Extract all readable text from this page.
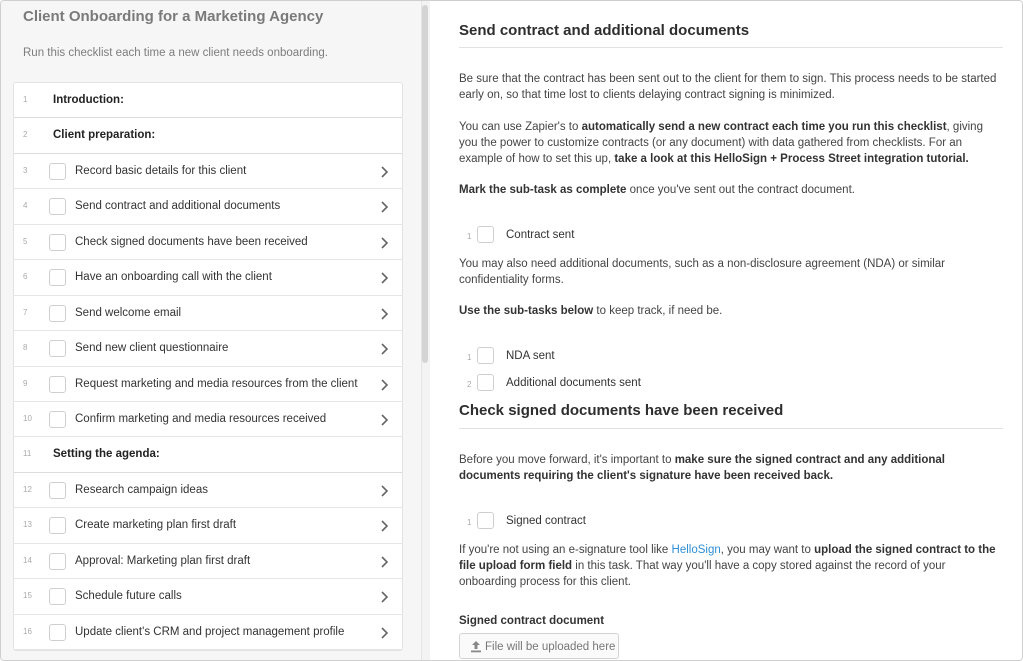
Client Onboarding for a Marketing Agency
Run this checklist each time a new client needs onboarding.
1	Introduction:
2	Client preparation:
3	Record basic details for this client
4	Send contract and additional documents
5	Check signed documents have been received
6	Have an onboarding call with the client
7	Send welcome email
8	Send new client questionnaire
9	Request marketing and media resources from the client
10	Confirm marketing and media resources received
11	Setting the agenda:
12	Research campaign ideas
13	Create marketing plan first draft
14	Approval: Marketing plan first draft
15	Schedule future calls
16	Update client's CRM and project management profile
Send contract and additional documents
Be sure that the contract has been sent out to the client for them to sign. This process needs to be started early on, so that time lost to clients delaying contract signing is minimized.
You can use Zapier's to automatically send a new contract each time you run this checklist, giving you the power to customize contracts (or any document) with data gathered from checklists. For an example of how to set this up, take a look at this HelloSign + Process Street integration tutorial.
Mark the sub-task as complete once you've sent out the contract document.
1	Contract sent
You may also need additional documents, such as a non-disclosure agreement (NDA) or similar confidentiality forms.
Use the sub-tasks below to keep track, if need be.
1	NDA sent
2	Additional documents sent
Check signed documents have been received
Before you move forward, it's important to make sure the signed contract and any additional documents requiring the client's signature have been received back.
1	Signed contract
If you're not using an e-signature tool like HelloSign, you may want to upload the signed contract to the file upload form field in this task. That way you'll have a copy stored against the record of your onboarding process for this client.
Signed contract document
File will be uploaded here
